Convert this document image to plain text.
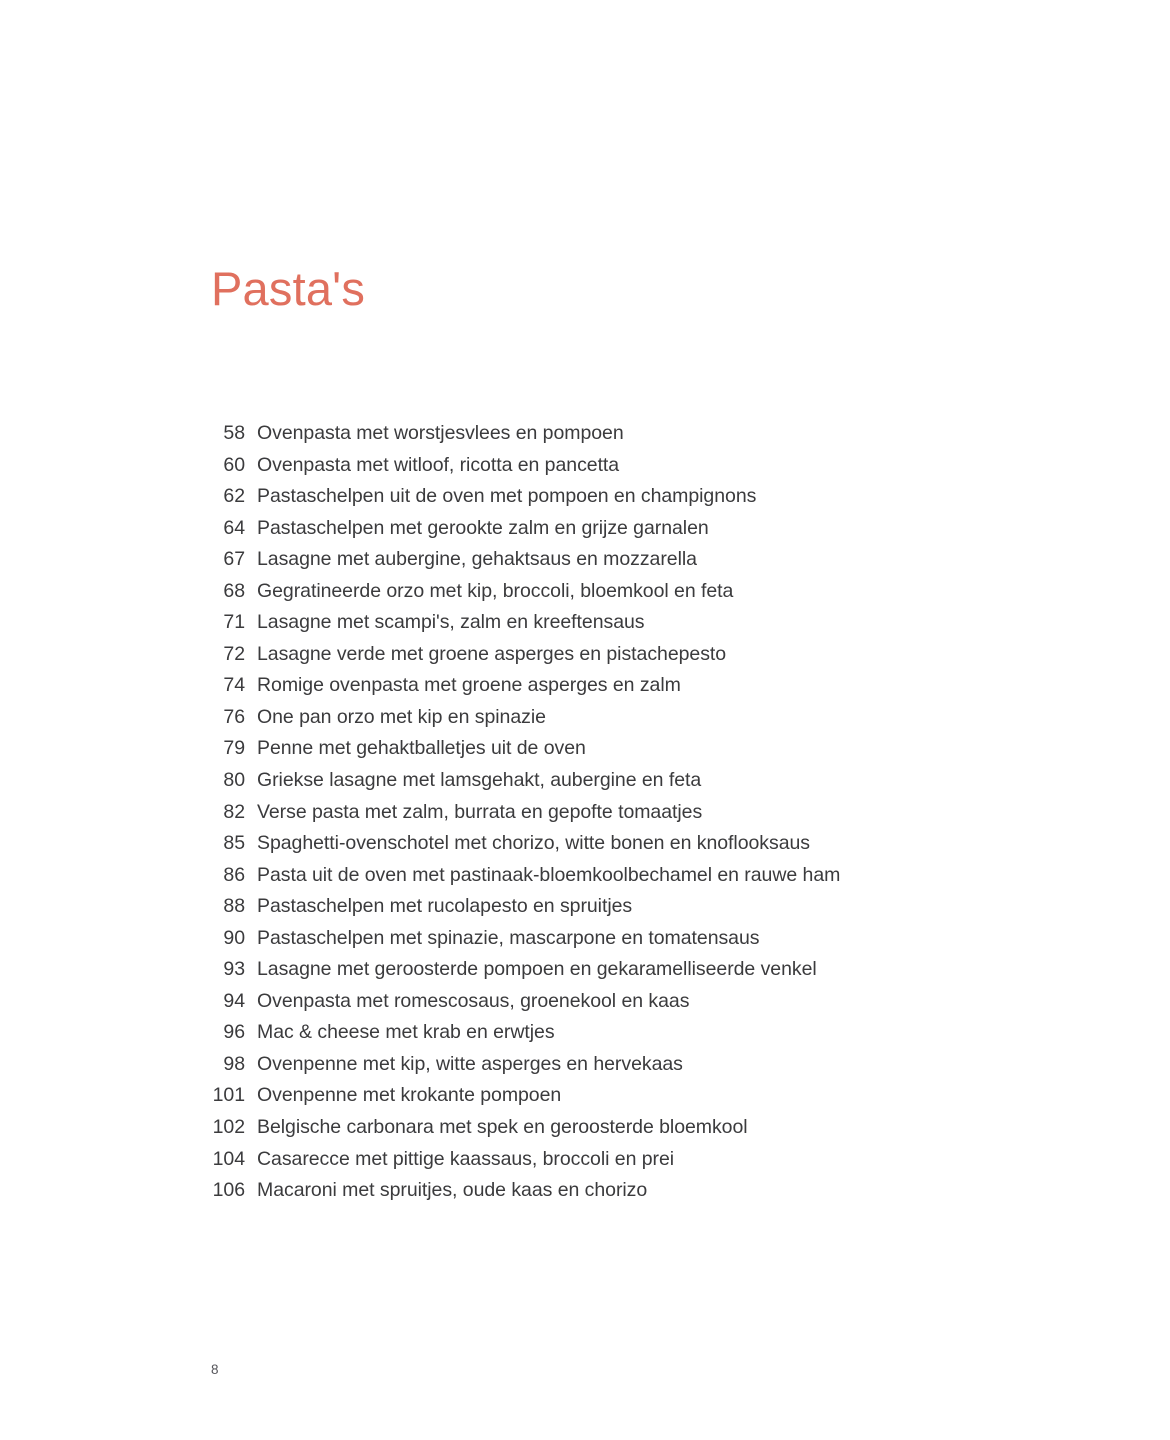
Pasta's
58 Ovenpasta met worstjesvlees en pompoen
60 Ovenpasta met witloof, ricotta en pancetta
62 Pastaschelpen uit de oven met pompoen en champignons
64 Pastaschelpen met gerookte zalm en grijze garnalen
67 Lasagne met aubergine, gehaktsaus en mozzarella
68 Gegratineerde orzo met kip, broccoli, bloemkool en feta
71 Lasagne met scampi's, zalm en kreeftensaus
72 Lasagne verde met groene asperges en pistachepesto
74 Romige ovenpasta met groene asperges en zalm
76 One pan orzo met kip en spinazie
79 Penne met gehaktballetjes uit de oven
80 Griekse lasagne met lamsgehakt, aubergine en feta
82 Verse pasta met zalm, burrata en gepofte tomaatjes
85 Spaghetti-ovenschotel met chorizo, witte bonen en knoflooksaus
86 Pasta uit de oven met pastinaak-bloemkoolbechamel en rauwe ham
88 Pastaschelpen met rucolapesto en spruitjes
90 Pastaschelpen met spinazie, mascarpone en tomatensaus
93 Lasagne met geroosterde pompoen en gekaramelliseerde venkel
94 Ovenpasta met romescosaus, groenekool en kaas
96 Mac & cheese met krab en erwtjes
98 Ovenpenne met kip, witte asperges en hervekaas
101 Ovenpenne met krokante pompoen
102 Belgische carbonara met spek en geroosterde bloemkool
104 Casarecce met pittige kaassaus, broccoli en prei
106 Macaroni met spruitjes, oude kaas en chorizo
8
